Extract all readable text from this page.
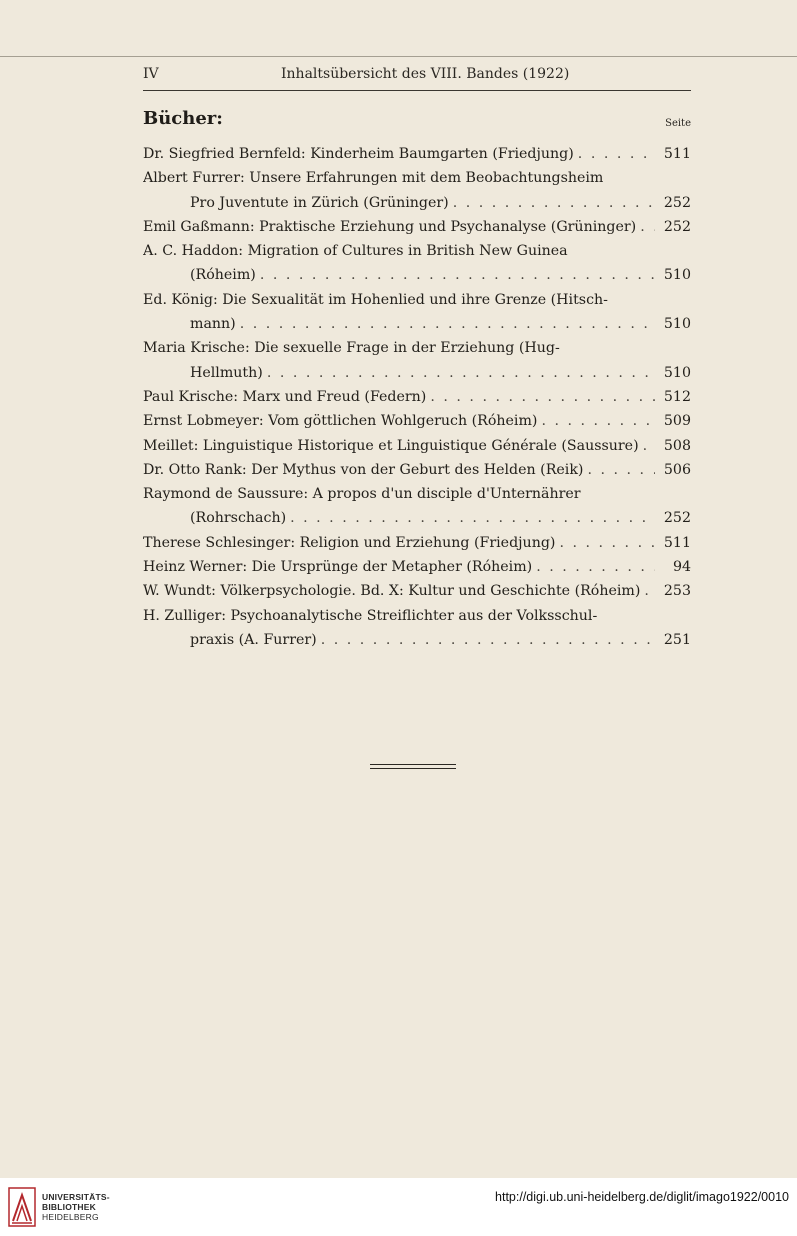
IV	Inhaltsübersicht des VIII. Bandes (1922)
Bücher:	Seite
Dr. Siegfried Bernfeld: Kinderheim Baumgarten (Friedjung) . . .	511
Albert Furrer: Unsere Erfahrungen mit dem Beobachtungsheim
Pro Juventute in Zürich (Grüninger) . . .	252
Emil Gaßmann: Praktische Erziehung und Psychanalyse (Grüninger) . . . 252
A. C. Haddon: Migration of Cultures in British New Guinea
(Róheim) . . .	510
Ed. König: Die Sexualität im Hohenlied und ihre Grenze (Hitsch-
mann) . . .	510
Maria Krische: Die sexuelle Frage in der Erziehung (Hug-
Hellmuth) . . .	510
Paul Krische: Marx und Freud (Federn) . . .	512
Ernst Lobmeyer: Vom göttlichen Wohlgeruch (Róheim) . . .	509
Meillet: Linguistique Historique et Linguistique Générale (Saussure) . . . 508
Dr. Otto Rank: Der Mythus von der Geburt des Helden (Reik) . . .	506
Raymond de Saussure: A propos d'un disciple d'Unternährer
(Rohrschach) . . .	252
Therese Schlesinger: Religion und Erziehung (Friedjung) . . .	511
Heinz Werner: Die Ursprünge der Metapher (Róheim) . . .	94
W. Wundt: Völkerpsychologie. Bd. X: Kultur und Geschichte (Róheim) . . . 253
H. Zulliger: Psychoanalytische Streiflichter aus der Volksschul-
praxis (A. Furrer) . . .	251
UNIVERSITÄTS-
BIBLIOTHEK
HEIDELBERG
http://digi.ub.uni-heidelberg.de/diglit/imago1922/0010
